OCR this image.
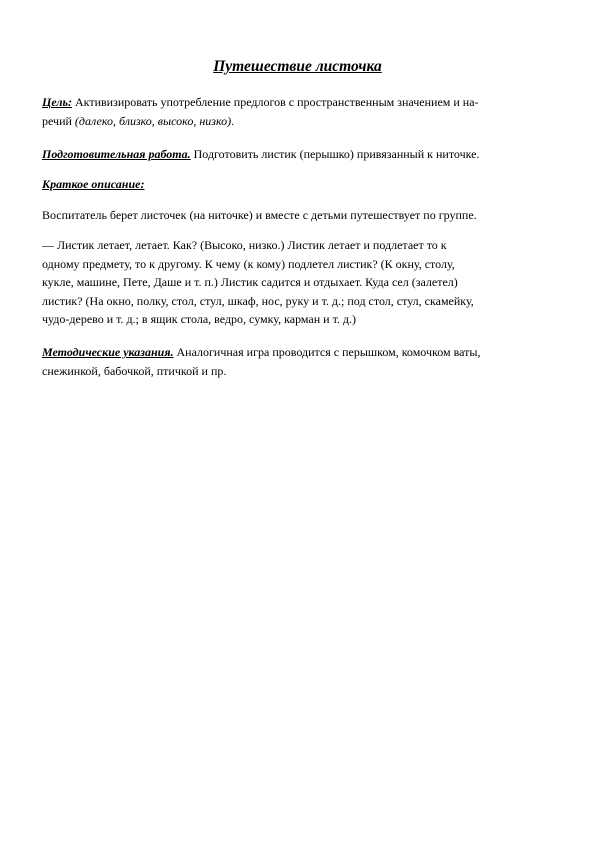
Путешествие листочка
Цель: Активизировать употребление предлогов с пространственным значением и на-
речий (далеко, близко, высоко, низко).
Подготовительная работа. Подготовить листик (перышко) привязанный к ниточке.
Краткое описание:
Воспитатель берет листочек (на ниточке) и вместе с детьми путешествует по группе.
— Листик летает, летает. Как? (Высоко, низко.) Листик летает и подлетает то к
одному предмету, то к другому. К чему (к кому) подлетел листик? (К окну, столу,
кукле, машине, Пете, Даше и т. п.) Листик садится и отдыхает. Куда сел (залетел)
листик? (На окно, полку, стол, стул, шкаф, нос, руку и т. д.; под стол, стул, скамейку,
чудо-дерево и т. д.; в ящик стола, ведро, сумку, карман и т. д.)
Методические указания. Аналогичная игра проводится с перышком, комочком ваты,
снежинкой, бабочкой, птичкой и пр.
